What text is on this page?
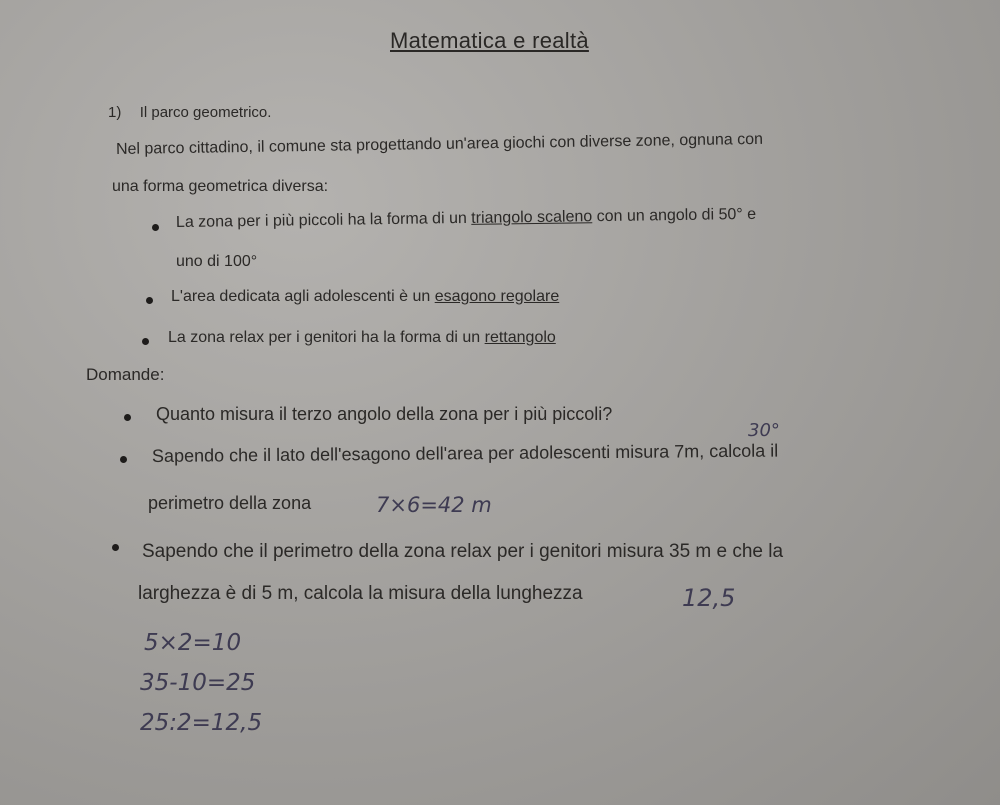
Matematica e realtà
1) Il parco geometrico.
Nel parco cittadino, il comune sta progettando un'area giochi con diverse zone, ognuna con
una forma geometrica diversa:
La zona per i più piccoli ha la forma di un triangolo scaleno con un angolo di 50° e
uno di 100°
L'area dedicata agli adolescenti è un esagono regolare
La zona relax per i genitori ha la forma di un rettangolo
Domande:
Quanto misura il terzo angolo della zona per i più piccoli?
30°
Sapendo che il lato dell'esagono dell'area per adolescenti misura 7m, calcola il
perimetro della zona	7×6=42 m
Sapendo che il perimetro della zona relax per i genitori misura 35 m e che la
larghezza è di 5 m, calcola la misura della lunghezza	12,5
5×2=10
35-10=25
25:2=12,5
